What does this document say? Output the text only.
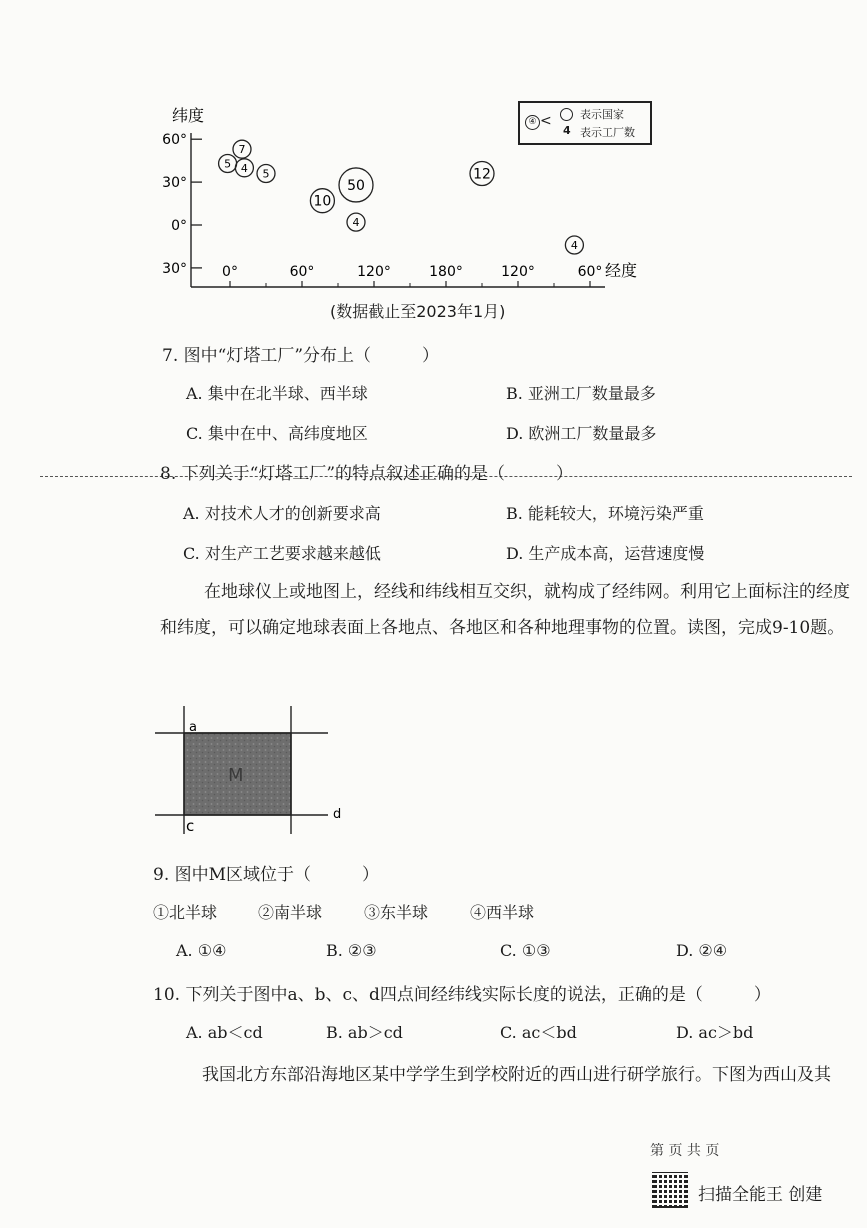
纬度
经度
60°
30°
0°
30°	0°	60°	120°	180°	120°	60°
7
5 4 5
10
50
4
12
4
④ <	表示国家
4 表示工厂数
(数据截止至2023年1月)
7. 图中“灯塔工厂”分布上（　　　）
A. 集中在北半球、西半球	B. 亚洲工厂数量最多
C. 集中在中、高纬度地区	D. 欧洲工厂数量最多
8. 下列关于“灯塔工厂”的特点叙述正确的是（　　　）
A. 对技术人才的创新要求高	B. 能耗较大，环境污染严重
C. 对生产工艺要求越来越低	D. 生产成本高，运营速度慢
在地球仪上或地图上，经线和纬线相互交织，就构成了经纬网。利用它上面标注的经度和纬度，可以确定地球表面上各地点、各地区和各种地理事物的位置。读图，完成9-10题。
M
a
c
d
9. 图中M区域位于（　　　）
①北半球	②南半球	③东半球	④西半球
A. ①④	B. ②③	C. ①③	D. ②④
10. 下列关于图中a、b、c、d四点间经纬线实际长度的说法，正确的是（　　　）
A. ab＜cd	B. ab＞cd	C. ac＜bd	D. ac＞bd
我国北方东部沿海地区某中学学生到学校附近的西山进行研学旅行。下图为西山及其
第 页 共 页
扫描全能王 创建
